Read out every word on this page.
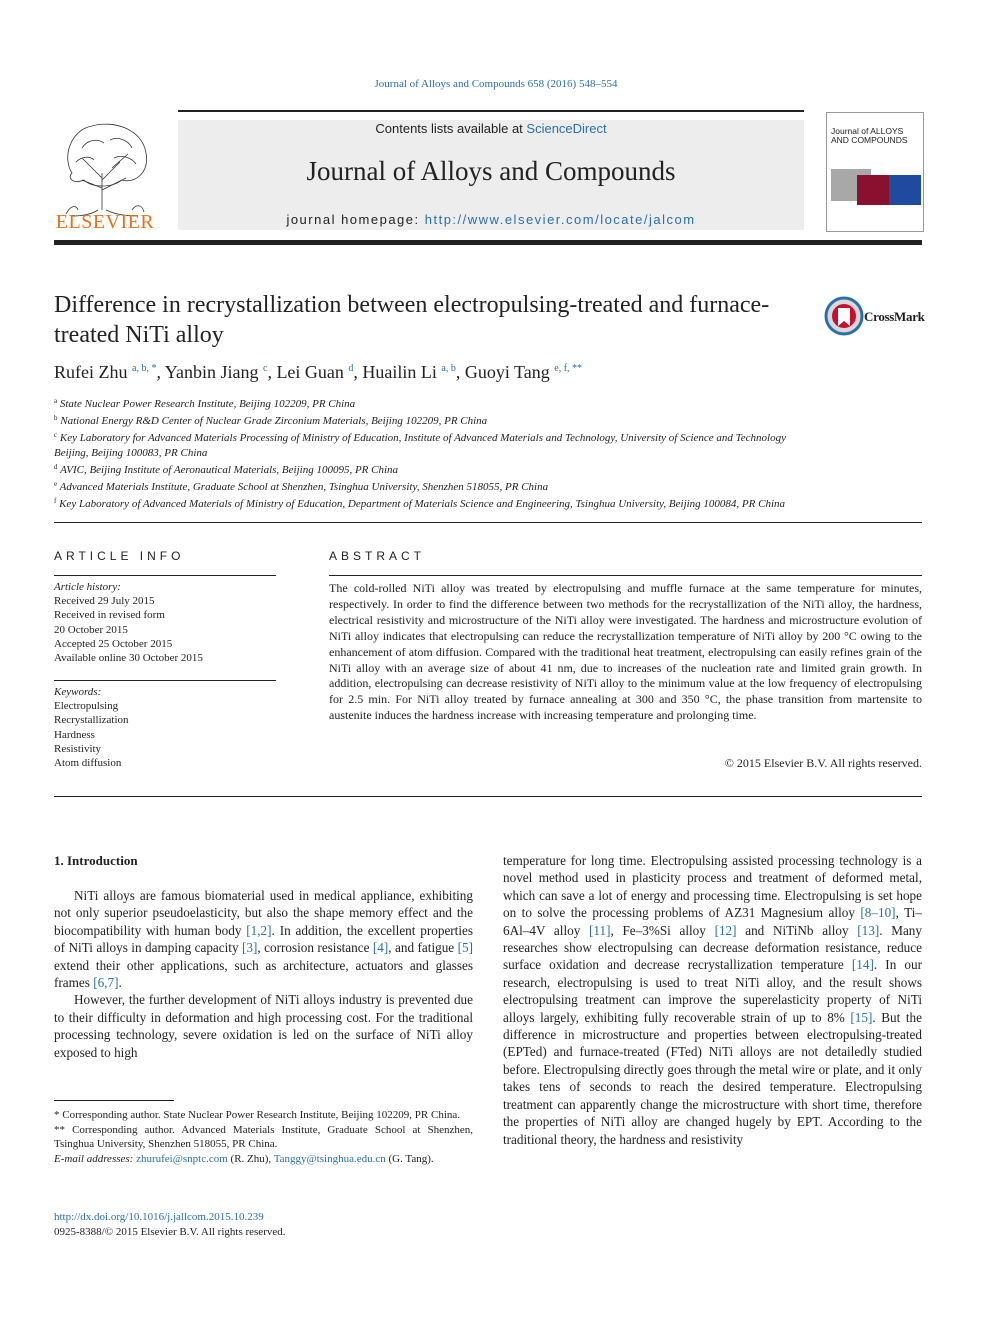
Journal of Alloys and Compounds 658 (2016) 548–554
Contents lists available at ScienceDirect
Journal of Alloys and Compounds
journal homepage: http://www.elsevier.com/locate/jalcom
ELSEVIER
Journal of ALLOYS AND COMPOUNDS
Difference in recrystallization between electropulsing-treated and furnace-treated NiTi alloy
CrossMark
Rufei Zhu $^{a, b, *}$, Yanbin Jiang $^c$, Lei Guan $^d$, Huailin Li $^{a, b}$, Guoyi Tang $^{e, f, **}$
$^a$ State Nuclear Power Research Institute, Beijing 102209, PR China
$^b$ National Energy R&D Center of Nuclear Grade Zirconium Materials, Beijing 102209, PR China
$^c$ Key Laboratory for Advanced Materials Processing of Ministry of Education, Institute of Advanced Materials and Technology, University of Science and Technology Beijing, Beijing 100083, PR China
$^d$ AVIC, Beijing Institute of Aeronautical Materials, Beijing 100095, PR China
$^e$ Advanced Materials Institute, Graduate School at Shenzhen, Tsinghua University, Shenzhen 518055, PR China
$^f$ Key Laboratory of Advanced Materials of Ministry of Education, Department of Materials Science and Engineering, Tsinghua University, Beijing 100084, PR China
ARTICLE INFO
Article history:
Received 29 July 2015
Received in revised form
20 October 2015
Accepted 25 October 2015
Available online 30 October 2015
Keywords:
Electropulsing
Recrystallization
Hardness
Resistivity
Atom diffusion
ABSTRACT
The cold-rolled NiTi alloy was treated by electropulsing and muffle furnace at the same temperature for minutes, respectively. In order to find the difference between two methods for the recrystallization of the NiTi alloy, the hardness, electrical resistivity and microstructure of the NiTi alloy were investigated. The hardness and microstructure evolution of NiTi alloy indicates that electropulsing can reduce the recrystallization temperature of NiTi alloy by 200 °C owing to the enhancement of atom diffusion. Compared with the traditional heat treatment, electropulsing can easily refines grain of the NiTi alloy with an average size of about 41 nm, due to increases of the nucleation rate and limited grain growth. In addition, electropulsing can decrease resistivity of NiTi alloy to the minimum value at the low frequency of electropulsing for 2.5 min. For NiTi alloy treated by furnace annealing at 300 and 350 °C, the phase transition from martensite to austenite induces the hardness increase with increasing temperature and prolonging time.
© 2015 Elsevier B.V. All rights reserved.
1. Introduction

NiTi alloys are famous biomaterial used in medical appliance, exhibiting not only superior pseudoelasticity, but also the shape memory effect and the biocompatibility with human body [1,2]. In addition, the excellent properties of NiTi alloys in damping capacity [3], corrosion resistance [4], and fatigue [5] extend their other applications, such as architecture, actuators and glasses frames [6,7].

However, the further development of NiTi alloys industry is prevented due to their difficulty in deformation and high processing cost. For the traditional processing technology, severe oxidation is led on the surface of NiTi alloy exposed to high

temperature for long time. Electropulsing assisted processing technology is a novel method used in plasticity process and treatment of deformed metal, which can save a lot of energy and processing time. Electropulsing is set hope on to solve the processing problems of AZ31 Magnesium alloy [8–10], Ti–6Al–4V alloy [11], Fe–3%Si alloy [12] and NiTiNb alloy [13]. Many researches show electropulsing can decrease deformation resistance, reduce surface oxidation and decrease recrystallization temperature [14]. In our research, electropulsing is used to treat NiTi alloy, and the result shows electropulsing treatment can improve the superelasticity property of NiTi alloys largely, exhibiting fully recoverable strain of up to 8% [15]. But the difference in microstructure and properties between electropulsing-treated (EPTed) and furnace-treated (FTed) NiTi alloys are not detailedly studied before. Electropulsing directly goes through the metal wire or plate, and it only takes tens of seconds to reach the desired temperature. Electropulsing treatment can apparently change the microstructure with short time, therefore the properties of NiTi alloy are changed hugely by EPT. According to the traditional theory, the hardness and resistivity

* Corresponding author. State Nuclear Power Research Institute, Beijing 102209, PR China.

** Corresponding author. Advanced Materials Institute, Graduate School at Shenzhen, Tsinghua University, Shenzhen 518055, PR China.

E-mail addresses: zhurufei@snptc.com (R. Zhu), Tanggy@tsinghua.edu.cn (G. Tang).

http://dx.doi.org/10.1016/j.jallcom.2015.10.239
0925-8388/© 2015 Elsevier B.V. All rights reserved.
